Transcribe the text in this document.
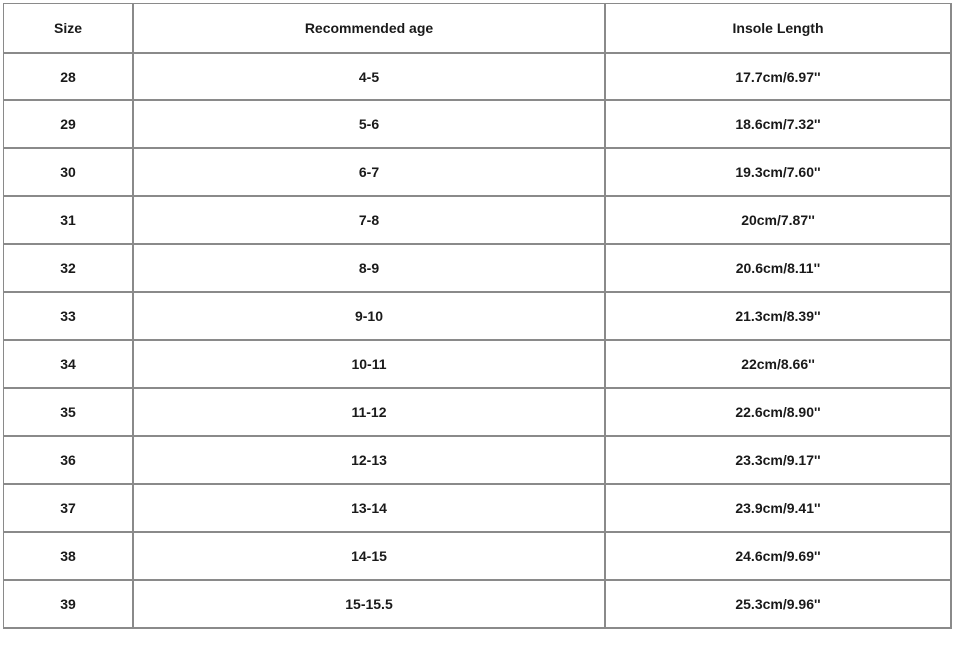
Size	Recommended age	Insole Length
28	4-5	17.7cm/6.97''
29	5-6	18.6cm/7.32''
30	6-7	19.3cm/7.60''
31	7-8	20cm/7.87''
32	8-9	20.6cm/8.11''
33	9-10	21.3cm/8.39''
34	10-11	22cm/8.66''
35	11-12	22.6cm/8.90''
36	12-13	23.3cm/9.17''
37	13-14	23.9cm/9.41''
38	14-15	24.6cm/9.69''
39	15-15.5	25.3cm/9.96''
